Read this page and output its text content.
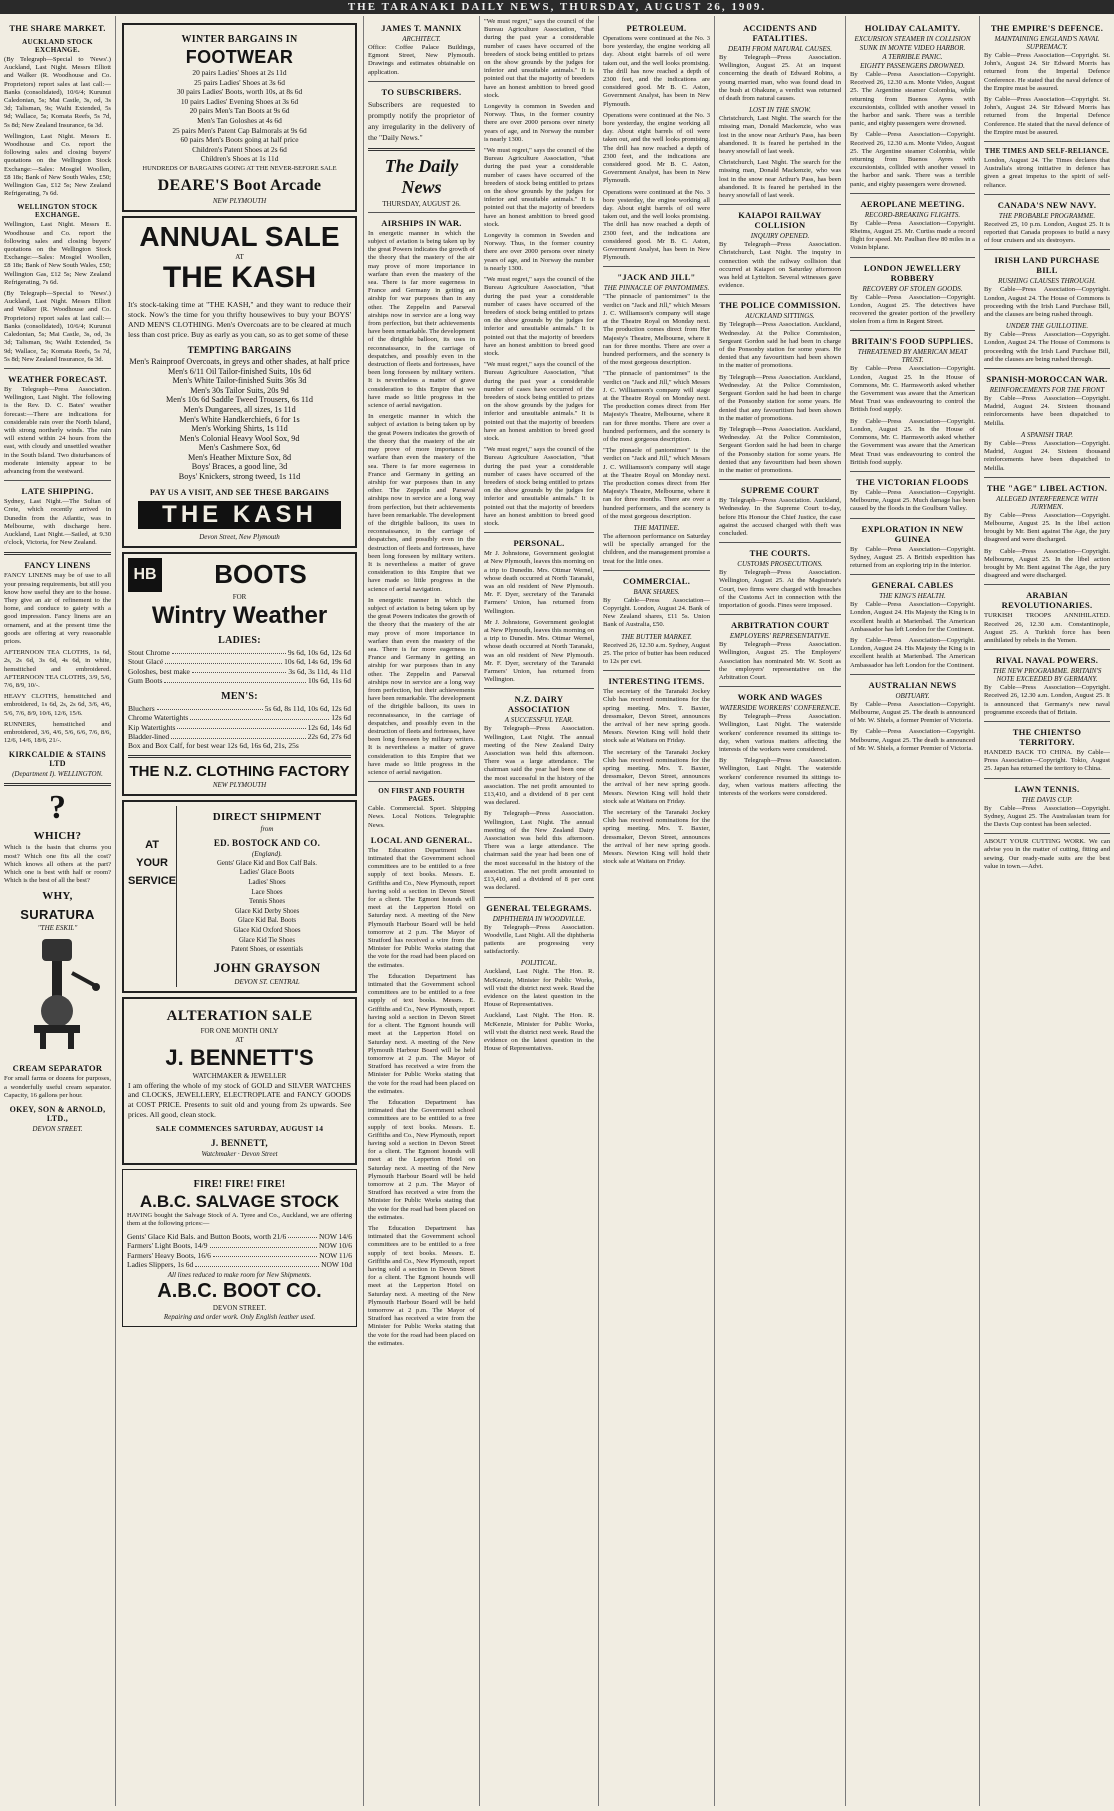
THE TARANAKI DAILY NEWS, THURSDAY, AUGUST 26, 1909.
THE SHARE MARKET.
AUCKLAND STOCK EXCHANGE.

(By Telegraph—Special to 'News'.) Auckland, Last Night. Messrs Elliott and Walker (R. Woodhouse and Co. Proprietors) report sales at last call:—Banks (consolidated), 10/6/4; Kurunui Caledonian, 5s; Mai Castle, 3s, od, 3s 3d; Talisman, 9s; Waihi Extended, 5s 9d; Wallace, 5s; Komata Reefs, 5s 7d, 5s 8d; New Zealand Insurance, 6s 3d.

Wellington, Last Night. Messrs E. Woodhouse and Co. report the following sales and closing buyers' quotations on the Wellington Stock Exchange:—Sales: Mosgiel Woollen, £8 18s; Bank of New South Wales, £50; Wellington Gas, £12 5s; New Zealand Refrigerating, 7s 6d.

WELLINGTON STOCK EXCHANGE.

Wellington, Last Night. Messrs E. Woodhouse and Co. report the following sales and closing buyers' quotations on the Wellington Stock Exchange:—Sales: Mosgiel Woollen, £8 18s; Bank of New South Wales, £50; Wellington Gas, £12 5s; New Zealand Refrigerating, 7s 6d.

(By Telegraph—Special to 'News'.) Auckland, Last Night. Messrs Elliott and Walker (R. Woodhouse and Co. Proprietors) report sales at last call:—Banks (consolidated), 10/6/4; Kurunui Caledonian, 5s; Mai Castle, 3s, od, 3s 3d; Talisman, 9s; Waihi Extended, 5s 9d; Wallace, 5s; Komata Reefs, 5s 7d, 5s 8d; New Zealand Insurance, 6s 3d.

WEATHER FORECAST.

By Telegraph—Press Association. Wellington, Last Night. The following is the Rev. D. C. Bates' weather forecast:—There are indications for considerable rain over the North Island, with strong northerly winds. The rain will extend within 24 hours from the east, with cloudy and unsettled weather in the South Island. Two disturbances of moderate intensity appear to be advancing from the westward.

LATE SHIPPING.

Sydney, Last Night.—The Sultan of Crete, which recently arrived in Dunedin from the Atlantic, was in Melbourne, with discharge here. Auckland, Last Night.—Sailed, at 9.30 o'clock, Victoria, for New Zealand.

FANCY LINENS

FANCY LINENS may be of use to all your pressing requirements, but still you know how useful they are to the house. They give an air of refinement to the home, and conduce to gaiety with a good impression. Fancy linens are an ornament, and at the present time the goods are offering at very reasonable prices.

AFTERNOON TEA CLOTHS, 1s 6d, 2s, 2s 6d, 3s 6d, 4s 6d, in white, hemstitched and embroidered. AFTERNOON TEA CLOTHS, 3/9, 5/6, 7/6, 8/9, 10/-.

HEAVY CLOTHS, hemstitched and embroidered, 1s 6d, 2s, 2s 6d, 3/6, 4/6, 5/6, 7/6, 8/9, 10/6, 12/6, 15/6.

RUNNERS, hemstitched and embroidered, 3/6, 4/6, 5/6, 6/6, 7/6, 8/6, 12/6, 14/6, 18/6, 21/-.

KIRKCALDIE & STAINS LTD
(Department I). WELLINGTON.
?
WHICH?

Which is the basin that churns you most? Which one fits all the cost? Which knows all others at the part? Which one is best with half or room? Which is the best of all the best?

WHY,
SURATURA
"THE ESKIL"
CREAM SEPARATOR

For small farms or dozens for purposes, a wonderfully useful cream separator. Capacity, 16 gallons per hour.

OKEY, SON & ARNOLD, LTD.,
DEVON STREET.
WINTER BARGAINS IN
FOOTWEAR
20 pairs Ladies' Shoes at 2s 11d
25 pairs Ladies' Shoes at 3s 6d
30 pairs Ladies' Boots, worth 10s, at 8s 6d
10 pairs Ladies' Evening Shoes at 3s 6d
20 pairs Men's Tan Boots at 9s 6d
Men's Tan Goloshes at 4s 6d
25 pairs Men's Patent Cap Balmorals at 9s 6d
60 pairs Men's Boots going at half price
Children's Patent Shoes at 2s 6d
Children's Shoes at 1s 11d
HUNDREDS OF BARGAINS GOING AT THE NEVER-BEFORE SALE
DEARE'S Boot Arcade
NEW PLYMOUTH
ANNUAL SALE
AT
THE KASH

It's stock-taking time at "THE KASH," and they want to reduce their stock. Now's the time for you thrifty housewives to buy your BOYS' AND MEN'S CLOTHING. Men's Overcoats are to be cleared at much less than cost price. Buy as early as you can, so as to get some of these

TEMPTING BARGAINS
Men's Rainproof Overcoats, in greys and other shades, at half price
Men's 6/11 Oil Tailor-finished Suits, 10s 6d
Men's White Tailor-finished Suits 36s 3d
Men's 30s Tailor Suits, 20s 9d
Men's 10s 6d Saddle Tweed Trousers, 6s 11d
Men's Dungarees, all sizes, 1s 11d
Men's White Handkerchiefs, 6 for 1s
Men's Working Shirts, 1s 11d
Men's Colonial Heavy Wool Sox, 9d
Men's Cashmere Sox, 6d
Men's Heather Mixture Sox, 8d
Boys' Braces, a good line, 3d
Boys' Knickers, strong tweed, 1s 11d
PAY US A VISIT, AND SEE THESE BARGAINS
THE KASH
Devon Street, New Plymouth
HB	BOOTS
FOR
Wintry Weather
LADIES:
Stout Chrome	9s 6d, 10s 6d, 12s 6d
Stout Glacé	10s 6d, 14s 6d, 19s 6d
Goloshes, best make	3s 6d, 3s 11d, 4s 11d
Gum Boots	10s 6d, 11s 6d
MEN'S:
Bluchers	5s 6d, 8s 11d, 10s 6d, 12s 6d
Chrome Watertights	12s 6d
Kip Watertights	12s 6d, 14s 6d
Bladder-lined	22s 6d, 27s 6d

Box and Box Calf, for best wear 12s 6d, 16s 6d, 21s, 25s

THE N.Z. CLOTHING FACTORY
NEW PLYMOUTH
AT YOUR SERVICE
DIRECT SHIPMENT
from
ED. BOSTOCK AND CO.
(England).
Gents' Glace Kid and Box Calf Bals.
Ladies' Glace Boots
Ladies' Shoes
Lace Shoes
Tennis Shoes
Glace Kid Derby Shoes
Glace Kid Bal. Boots
Glace Kid Oxford Shoes
Glace Kid Tie Shoes
Patent Shoes, or essentials
JOHN GRAYSON
DEVON ST. CENTRAL
ALTERATION SALE
FOR ONE MONTH ONLY
AT
J. BENNETT'S
WATCHMAKER & JEWELLER

I am offering the whole of my stock of GOLD and SILVER WATCHES and CLOCKS, JEWELLERY, ELECTROPLATE and FANCY GOODS at COST PRICE. Presents to suit old and young from 2s upwards. See prices. All good, clean stock.

SALE COMMENCES SATURDAY, AUGUST 14
J. BENNETT,
Watchmaker · Devon Street
FIRE! FIRE! FIRE!
A.B.C. SALVAGE STOCK

HAVING bought the Salvage Stock of A. Tyree and Co., Auckland, we are offering them at the following prices:—

Gents' Glace Kid Bals. and Button Boots, worth 21/6	NOW 14/6
Farmers' Light Boots, 14/9	NOW 10/6
Farmers' Heavy Boots, 16/6	NOW 11/6
Ladies Slippers, 1s 6d	NOW 10d
All lines reduced to make room for New Shipments.
A.B.C. BOOT CO.
DEVON STREET.
Repairing and order work. Only English leather used.
JAMES T. MANNIX
ARCHITECT.

Office: Coffee Palace Buildings, Egmont Street, New Plymouth. Drawings and estimates obtainable on application.

TO SUBSCRIBERS.

Subscribers are requested to promptly notify the proprietor of any irregularity in the delivery of the "Daily News."

The Daily News
THURSDAY, AUGUST 26.
AIRSHIPS IN WAR.

In energetic manner in which the subject of aviation is being taken up by the great Powers indicates the growth of the theory that the mastery of the air may prove of more importance in warfare than even the mastery of the sea. There is far more eagerness in France and Germany in getting an airship for war purposes than in any other. The Zeppelin and Parseval airships now in service are a long way from perfection, but their achievements have been remarkable. The development of the dirigible balloon, its uses in reconnaissance, in the carriage of despatches, and possibly even in the destruction of fleets and fortresses, have been long foreseen by military writers. It is nevertheless a matter of grave consideration to this Empire that we have made so little progress in the science of aerial navigation.

In energetic manner in which the subject of aviation is being taken up by the great Powers indicates the growth of the theory that the mastery of the air may prove of more importance in warfare than even the mastery of the sea. There is far more eagerness in France and Germany in getting an airship for war purposes than in any other. The Zeppelin and Parseval airships now in service are a long way from perfection, but their achievements have been remarkable. The development of the dirigible balloon, its uses in reconnaissance, in the carriage of despatches, and possibly even in the destruction of fleets and fortresses, have been long foreseen by military writers. It is nevertheless a matter of grave consideration to this Empire that we have made so little progress in the science of aerial navigation.

In energetic manner in which the subject of aviation is being taken up by the great Powers indicates the growth of the theory that the mastery of the air may prove of more importance in warfare than even the mastery of the sea. There is far more eagerness in France and Germany in getting an airship for war purposes than in any other. The Zeppelin and Parseval airships now in service are a long way from perfection, but their achievements have been remarkable. The development of the dirigible balloon, its uses in reconnaissance, in the carriage of despatches, and possibly even in the destruction of fleets and fortresses, have been long foreseen by military writers. It is nevertheless a matter of grave consideration to this Empire that we have made so little progress in the science of aerial navigation.

ON FIRST AND FOURTH PAGES.

Cable. Commercial. Sport. Shipping News. Local Notices. Telegraphic News.

LOCAL AND GENERAL.

The Education Department has intimated that the Government school committees are to be entitled to a free supply of text books. Messrs. E. Griffiths and Co., New Plymouth, report having sold a section in Devon Street for a client. The Egmont hounds will meet at the Lepperton Hotel on Saturday next. A meeting of the New Plymouth Harbour Board will be held tomorrow at 2 p.m. The Mayor of Stratford has received a wire from the Minister for Public Works stating that the vote for the road had been placed on the estimates.

The Education Department has intimated that the Government school committees are to be entitled to a free supply of text books. Messrs. E. Griffiths and Co., New Plymouth, report having sold a section in Devon Street for a client. The Egmont hounds will meet at the Lepperton Hotel on Saturday next. A meeting of the New Plymouth Harbour Board will be held tomorrow at 2 p.m. The Mayor of Stratford has received a wire from the Minister for Public Works stating that the vote for the road had been placed on the estimates.

The Education Department has intimated that the Government school committees are to be entitled to a free supply of text books. Messrs. E. Griffiths and Co., New Plymouth, report having sold a section in Devon Street for a client. The Egmont hounds will meet at the Lepperton Hotel on Saturday next. A meeting of the New Plymouth Harbour Board will be held tomorrow at 2 p.m. The Mayor of Stratford has received a wire from the Minister for Public Works stating that the vote for the road had been placed on the estimates.

The Education Department has intimated that the Government school committees are to be entitled to a free supply of text books. Messrs. E. Griffiths and Co., New Plymouth, report having sold a section in Devon Street for a client. The Egmont hounds will meet at the Lepperton Hotel on Saturday next. A meeting of the New Plymouth Harbour Board will be held tomorrow at 2 p.m. The Mayor of Stratford has received a wire from the Minister for Public Works stating that the vote for the road had been placed on the estimates.

"We must regret," says the council of the Bureau Agriculture Association, "that during the past year a considerable number of cases have occurred of the breeders of stock being entitled to prizes on the show grounds by the judges for inferior and unsuitable animals." It is pointed out that the majority of breeders have an honest ambition to breed good stock.

Longevity is common in Sweden and Norway. Thus, in the former country there are over 2000 persons over ninety years of age, and in Norway the number is nearly 1300.

"We must regret," says the council of the Bureau Agriculture Association, "that during the past year a considerable number of cases have occurred of the breeders of stock being entitled to prizes on the show grounds by the judges for inferior and unsuitable animals." It is pointed out that the majority of breeders have an honest ambition to breed good stock.

Longevity is common in Sweden and Norway. Thus, in the former country there are over 2000 persons over ninety years of age, and in Norway the number is nearly 1300.

"We must regret," says the council of the Bureau Agriculture Association, "that during the past year a considerable number of cases have occurred of the breeders of stock being entitled to prizes on the show grounds by the judges for inferior and unsuitable animals." It is pointed out that the majority of breeders have an honest ambition to breed good stock.

"We must regret," says the council of the Bureau Agriculture Association, "that during the past year a considerable number of cases have occurred of the breeders of stock being entitled to prizes on the show grounds by the judges for inferior and unsuitable animals." It is pointed out that the majority of breeders have an honest ambition to breed good stock.

"We must regret," says the council of the Bureau Agriculture Association, "that during the past year a considerable number of cases have occurred of the breeders of stock being entitled to prizes on the show grounds by the judges for inferior and unsuitable animals." It is pointed out that the majority of breeders have an honest ambition to breed good stock.

PERSONAL.

Mr J. Johnstone, Government geologist at New Plymouth, leaves this morning on a trip to Dunedin. Mrs. Ottmar Wernel, whose death occurred at North Taranaki, was an old resident of New Plymouth. Mr. F. Dyer, secretary of the Taranaki Farmers' Union, has returned from Wellington.

Mr J. Johnstone, Government geologist at New Plymouth, leaves this morning on a trip to Dunedin. Mrs. Ottmar Wernel, whose death occurred at North Taranaki, was an old resident of New Plymouth. Mr. F. Dyer, secretary of the Taranaki Farmers' Union, has returned from Wellington.

N.Z. DAIRY ASSOCIATION
A SUCCESSFUL YEAR.

By Telegraph—Press Association. Wellington, Last Night. The annual meeting of the New Zealand Dairy Association was held this afternoon. There was a large attendance. The chairman said the year had been one of the most successful in the history of the association. The net profit amounted to £13,410, and a dividend of 8 per cent was declared.

By Telegraph—Press Association. Wellington, Last Night. The annual meeting of the New Zealand Dairy Association was held this afternoon. There was a large attendance. The chairman said the year had been one of the most successful in the history of the association. The net profit amounted to £13,410, and a dividend of 8 per cent was declared.

GENERAL TELEGRAMS.
DIPHTHERIA IN WOODVILLE.

By Telegraph—Press Association. Woodville, Last Night. All the diphtheria patients are progressing very satisfactorily.

POLITICAL.

Auckland, Last Night. The Hon. R. McKenzie, Minister for Public Works, will visit the district next week. Read the evidence on the latest question in the House of Representatives.

Auckland, Last Night. The Hon. R. McKenzie, Minister for Public Works, will visit the district next week. Read the evidence on the latest question in the House of Representatives.

PETROLEUM.

Operations were continued at the No. 3 bore yesterday, the engine working all day. About eight barrels of oil were taken out, and the well looks promising. The drill has now reached a depth of 2300 feet, and the indications are considered good. Mr B. C. Aston, Government Analyst, has been in New Plymouth.

Operations were continued at the No. 3 bore yesterday, the engine working all day. About eight barrels of oil were taken out, and the well looks promising. The drill has now reached a depth of 2300 feet, and the indications are considered good. Mr B. C. Aston, Government Analyst, has been in New Plymouth.

Operations were continued at the No. 3 bore yesterday, the engine working all day. About eight barrels of oil were taken out, and the well looks promising. The drill has now reached a depth of 2300 feet, and the indications are considered good. Mr B. C. Aston, Government Analyst, has been in New Plymouth.

"JACK AND JILL"
THE PINNACLE OF PANTOMIMES.

"The pinnacle of pantomimes" is the verdict on "Jack and Jill," which Messrs J. C. Williamson's company will stage at the Theatre Royal on Monday next. The production comes direct from Her Majesty's Theatre, Melbourne, where it ran for three months. There are over a hundred performers, and the scenery is of the most gorgeous description.

"The pinnacle of pantomimes" is the verdict on "Jack and Jill," which Messrs J. C. Williamson's company will stage at the Theatre Royal on Monday next. The production comes direct from Her Majesty's Theatre, Melbourne, where it ran for three months. There are over a hundred performers, and the scenery is of the most gorgeous description.

"The pinnacle of pantomimes" is the verdict on "Jack and Jill," which Messrs J. C. Williamson's company will stage at the Theatre Royal on Monday next. The production comes direct from Her Majesty's Theatre, Melbourne, where it ran for three months. There are over a hundred performers, and the scenery is of the most gorgeous description.

THE MATINEE.

The afternoon performance on Saturday will be specially arranged for the children, and the management promise a treat for the little ones.

COMMERCIAL.
BANK SHARES.

By Cable—Press Association—Copyright. London, August 24. Bank of New Zealand shares, £11 5s. Union Bank of Australia, £50.

THE BUTTER MARKET.

Received 26, 12.30 a.m. Sydney, August 25. The price of butter has been reduced to 12s per cwt.

INTERESTING ITEMS.

The secretary of the Taranaki Jockey Club has received nominations for the spring meeting. Mrs. T. Baxter, dressmaker, Devon Street, announces the arrival of her new spring goods. Messrs. Newton King will hold their stock sale at Waitara on Friday.

The secretary of the Taranaki Jockey Club has received nominations for the spring meeting. Mrs. T. Baxter, dressmaker, Devon Street, announces the arrival of her new spring goods. Messrs. Newton King will hold their stock sale at Waitara on Friday.

The secretary of the Taranaki Jockey Club has received nominations for the spring meeting. Mrs. T. Baxter, dressmaker, Devon Street, announces the arrival of her new spring goods. Messrs. Newton King will hold their stock sale at Waitara on Friday.

ACCIDENTS AND FATALITIES.
DEATH FROM NATURAL CAUSES.

By Telegraph—Press Association. Wellington, August 25. At an inquest concerning the death of Edward Robins, a young married man, who was found dead in the bush at Ohakune, a verdict was returned of death from natural causes.

LOST IN THE SNOW.

Christchurch, Last Night. The search for the missing man, Donald Mackenzie, who was lost in the snow near Arthur's Pass, has been abandoned. It is feared he perished in the heavy snowfall of last week.

Christchurch, Last Night. The search for the missing man, Donald Mackenzie, who was lost in the snow near Arthur's Pass, has been abandoned. It is feared he perished in the heavy snowfall of last week.

KAIAPOI RAILWAY COLLISION
INQUIRY OPENED.

By Telegraph—Press Association. Christchurch, Last Night. The inquiry in connection with the railway collision that occurred at Kaiapoi on Saturday afternoon was held at Lyttelton. Several witnesses gave evidence.

THE POLICE COMMISSION.
AUCKLAND SITTINGS.

By Telegraph—Press Association. Auckland, Wednesday. At the Police Commission, Sergeant Gordon said he had been in charge of the Ponsonby station for some years. He denied that any favouritism had been shown in the matter of promotions.

By Telegraph—Press Association. Auckland, Wednesday. At the Police Commission, Sergeant Gordon said he had been in charge of the Ponsonby station for some years. He denied that any favouritism had been shown in the matter of promotions.

By Telegraph—Press Association. Auckland, Wednesday. At the Police Commission, Sergeant Gordon said he had been in charge of the Ponsonby station for some years. He denied that any favouritism had been shown in the matter of promotions.

SUPREME COURT

By Telegraph—Press Association. Auckland, Wednesday. In the Supreme Court to-day, before His Honour the Chief Justice, the case against the accused charged with theft was concluded.

THE COURTS.
CUSTOMS PROSECUTIONS.

By Telegraph—Press Association. Wellington, August 25. At the Magistrate's Court, two firms were charged with breaches of the Customs Act in connection with the importation of goods. Fines were imposed.

ARBITRATION COURT
EMPLOYERS' REPRESENTATIVE.

By Telegraph—Press Association. Wellington, August 25. The Employers' Association has nominated Mr. W. Scott as the employers' representative on the Arbitration Court.

WORK AND WAGES
WATERSIDE WORKERS' CONFERENCE.

By Telegraph—Press Association. Wellington, Last Night. The waterside workers' conference resumed its sittings to-day, when various matters affecting the interests of the workers were considered.

By Telegraph—Press Association. Wellington, Last Night. The waterside workers' conference resumed its sittings to-day, when various matters affecting the interests of the workers were considered.

HOLIDAY CALAMITY.
EXCURSION STEAMER IN COLLISION
SUNK IN MONTE VIDEO HARBOR.
A TERRIBLE PANIC.
EIGHTY PASSENGERS DROWNED.

By Cable—Press Association—Copyright. Received 26, 12.30 a.m. Monte Video, August 25. The Argentine steamer Colombia, while returning from Buenos Ayres with excursionists, collided with another vessel in the harbor and sank. There was a terrible panic, and eighty passengers were drowned.

By Cable—Press Association—Copyright. Received 26, 12.30 a.m. Monte Video, August 25. The Argentine steamer Colombia, while returning from Buenos Ayres with excursionists, collided with another vessel in the harbor and sank. There was a terrible panic, and eighty passengers were drowned.

AEROPLANE MEETING.
RECORD-BREAKING FLIGHTS.

By Cable—Press Association—Copyright. Rheims, August 25. Mr. Curtiss made a record flight for speed. Mr. Paulhan flew 80 miles in a Voisin biplane.

LONDON JEWELLERY ROBBERY
RECOVERY OF STOLEN GOODS.

By Cable—Press Association—Copyright. London, August 25. The detectives have recovered the greater portion of the jewellery stolen from a firm in Regent Street.

BRITAIN'S FOOD SUPPLIES.
THREATENED BY AMERICAN MEAT TRUST.

By Cable—Press Association—Copyright. London, August 25. In the House of Commons, Mr. C. Harmsworth asked whether the Government was aware that the American Meat Trust was endeavouring to control the British food supply.

By Cable—Press Association—Copyright. London, August 25. In the House of Commons, Mr. C. Harmsworth asked whether the Government was aware that the American Meat Trust was endeavouring to control the British food supply.

THE VICTORIAN FLOODS

By Cable—Press Association—Copyright. Melbourne, August 25. Much damage has been caused by the floods in the Goulburn Valley.

EXPLORATION IN NEW GUINEA

By Cable—Press Association—Copyright. Sydney, August 25. A British expedition has returned from an exploring trip in the interior.

GENERAL CABLES
THE KING'S HEALTH.

By Cable—Press Association—Copyright. London, August 24. His Majesty the King is in excellent health at Marienbad. The American Ambassador has left London for the Continent.

By Cable—Press Association—Copyright. London, August 24. His Majesty the King is in excellent health at Marienbad. The American Ambassador has left London for the Continent.

AUSTRALIAN NEWS
OBITUARY.

By Cable—Press Association—Copyright. Melbourne, August 25. The death is announced of Mr. W. Shiels, a former Premier of Victoria.

By Cable—Press Association—Copyright. Melbourne, August 25. The death is announced of Mr. W. Shiels, a former Premier of Victoria.

THE EMPIRE'S DEFENCE.
MAINTAINING ENGLAND'S NAVAL SUPREMACY.

By Cable—Press Association—Copyright. St. John's, August 24. Sir Edward Morris has returned from the Imperial Defence Conference. He stated that the naval defence of the Empire must be assured.

By Cable—Press Association—Copyright. St. John's, August 24. Sir Edward Morris has returned from the Imperial Defence Conference. He stated that the naval defence of the Empire must be assured.

THE TIMES AND SELF-RELIANCE.

London, August 24. The Times declares that Australia's strong initiative in defence has given a great impetus to the spirit of self-reliance.

CANADA'S NEW NAVY.
THE PROBABLE PROGRAMME.

Received 25, 10 p.m. London, August 25. It is reported that Canada proposes to build a navy of four cruisers and six destroyers.

IRISH LAND PURCHASE BILL
RUSHING CLAUSES THROUGH.

By Cable—Press Association—Copyright. London, August 24. The House of Commons is proceeding with the Irish Land Purchase Bill, and the clauses are being rushed through.

UNDER THE GUILLOTINE.

By Cable—Press Association—Copyright. London, August 24. The House of Commons is proceeding with the Irish Land Purchase Bill, and the clauses are being rushed through.

SPANISH-MOROCCAN WAR.
REINFORCEMENTS FOR THE FRONT

By Cable—Press Association—Copyright. Madrid, August 24. Sixteen thousand reinforcements have been dispatched to Melilla.

A SPANISH TRAP.

By Cable—Press Association—Copyright. Madrid, August 24. Sixteen thousand reinforcements have been dispatched to Melilla.

THE "AGE" LIBEL ACTION.
ALLEGED INTERFERENCE WITH JURYMEN.

By Cable—Press Association—Copyright. Melbourne, August 25. In the libel action brought by Mr. Bent against The Age, the jury disagreed and were discharged.

By Cable—Press Association—Copyright. Melbourne, August 25. In the libel action brought by Mr. Bent against The Age, the jury disagreed and were discharged.

ARABIAN REVOLUTIONARIES.

TURKISH TROOPS ANNIHILATED. Received 26, 12.30 a.m. Constantinople, August 25. A Turkish force has been annihilated by rebels in the Yemen.

RIVAL NAVAL POWERS.
THE NEW PROGRAMME. BRITAIN'S NOTE EXCEEDED BY GERMANY.

By Cable—Press Association—Copyright. Received 26, 12.30 a.m. London, August 25. It is announced that Germany's new naval programme exceeds that of Britain.

THE CHIENTSO TERRITORY.

HANDED BACK TO CHINA. By Cable—Press Association—Copyright. Tokio, August 25. Japan has returned the territory to China.

LAWN TENNIS.
THE DAVIS CUP.

By Cable—Press Association—Copyright. Sydney, August 25. The Australasian team for the Davis Cup contest has been selected.

ABOUT YOUR CUTTING WORK. We can advise you in the matter of cutting, fitting and sewing. Our ready-made suits are the best value in town.—Advt.
